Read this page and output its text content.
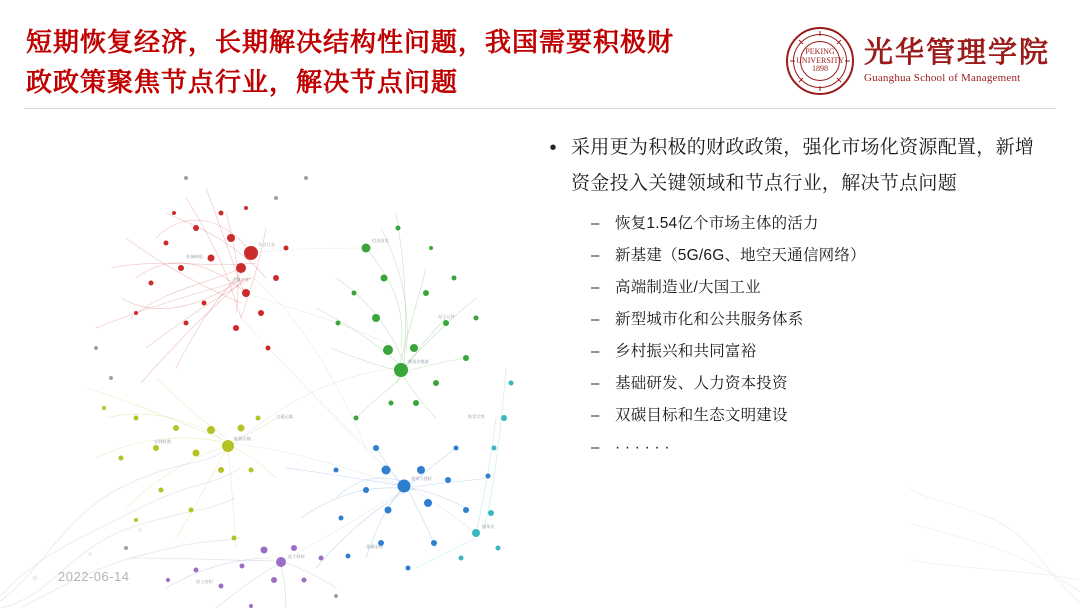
短期恢复经济，长期解决结构性问题，我国需要积极财
政政策聚焦节点行业，解决节点问题
PEKING UNIVERSITY 1898	光华管理学院
Guanghua School of Management
节点行业
关键产业
制造业集群
信息技术
建筑与建材
能源运输
化工材料
服务业
装备制造
电子元件
农林牧渔
金属冶炼
交通运输
轻工纺织
批发零售
• 采用更为积极的财政政策，强化市场化资源配置，新增资金投入关键领域和节点行业，解决节点问题
– 恢复1.54亿个市场主体的活力
– 新基建（5G/6G、地空天通信网络）
– 高端制造业/大国工业
– 新型城市化和公共服务体系
– 乡村振兴和共同富裕
– 基础研发、人力资本投资
– 双碳目标和生态文明建设
– · · · · · ·
2022-06-14
